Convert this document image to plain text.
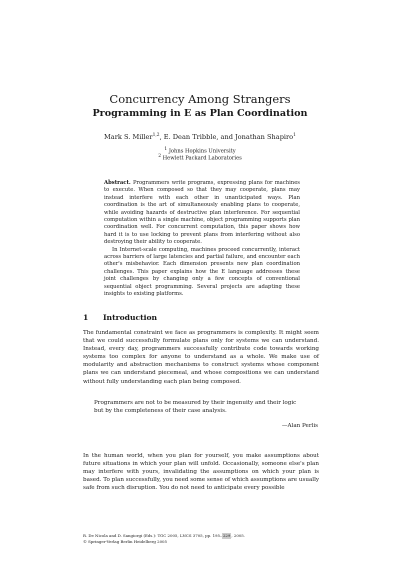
Concurrency Among Strangers
Programming in E as Plan Coordination
Mark S. Miller$^{1,2}$, E. Dean Tribble, and Jonathan Shapiro$^1$
$^1$ Johns Hopkins University
$^2$ Hewlett Packard Laboratories

Abstract. Programmers write programs, expressing plans for machines to execute. When composed so that they may cooperate, plans may instead interfere with each other in unanticipated ways. Plan coordination is the art of simultaneously enabling plans to cooperate, while avoiding hazards of destructive plan interference. For sequential computation within a single machine, object programming supports plan coordination well. For concurrent computation, this paper shows how hard it is to use locking to prevent plans from interfering without also destroying their ability to cooperate.

In Internet-scale computing, machines proceed concurrently, interact across barriers of large latencies and partial failure, and encounter each other's misbehavior. Each dimension presents new plan coordination challenges. This paper explains how the E language addresses these joint challenges by changing only a few concepts of conventional sequential object programming. Several projects are adapting these insights to existing platforms.

1 Introduction

The fundamental constraint we face as programmers is complexity. It might seem that we could successfully formulate plans only for systems we can understand. Instead, every day, programmers successfully contribute code towards working systems too complex for anyone to understand as a whole. We make use of modularity and abstraction mechanisms to construct systems whose component plans we can understand piecemeal, and whose compositions we can understand without fully understanding each plan being composed.

Programmers are not to be measured by their ingenuity and their logic but by the completeness of their case analysis.
—Alan Perlis

In the human world, when you plan for yourself, you make assumptions about future situations in which your plan will unfold. Occasionally, someone else's plan may interfere with yours, invalidating the assumptions on which your plan is based. To plan successfully, you need some sense of which assumptions are usually safe from such disruption. You do not need to anticipate every possible

R. De Nicola and D. Sangiorgi (Eds.): TGC 2005, LNCS 3705, pp. 195–229, 2005.
© Springer-Verlag Berlin Heidelberg 2005
